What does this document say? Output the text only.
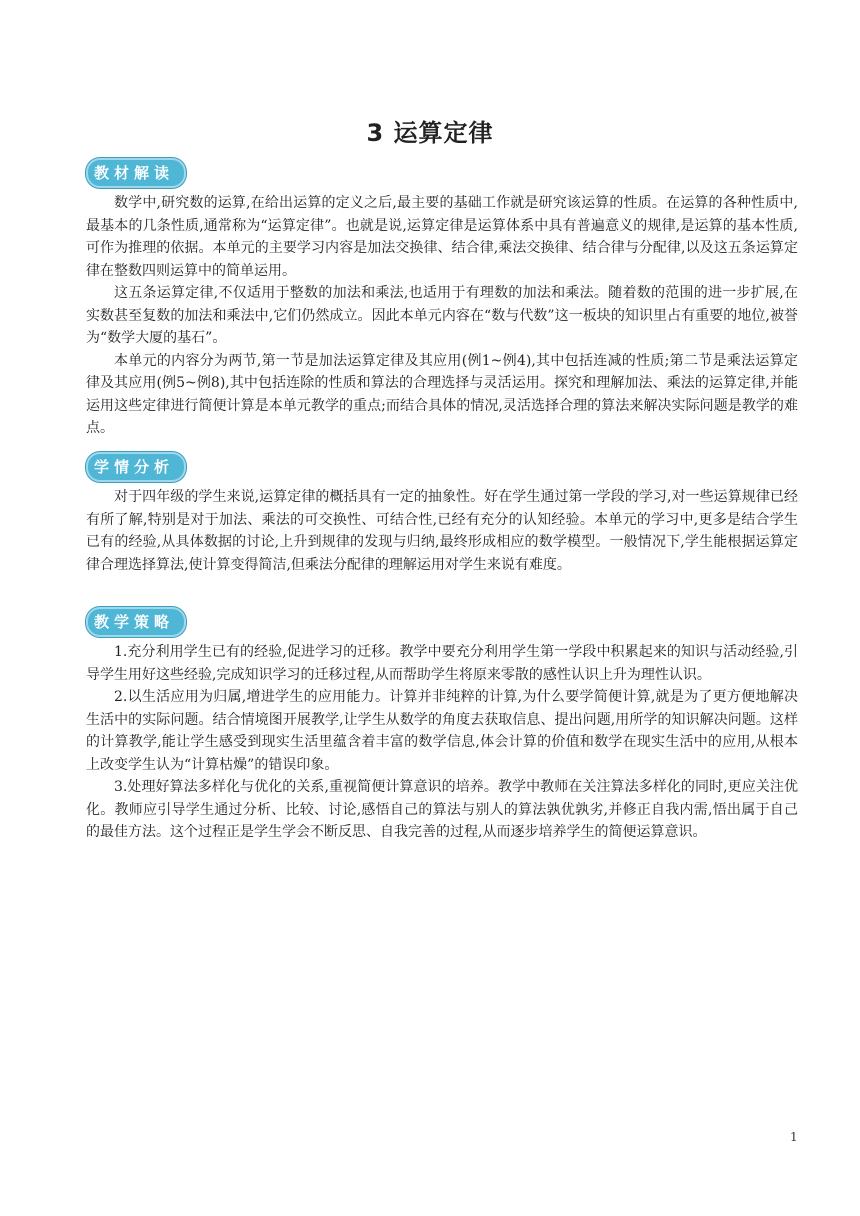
3 运算定律
教材解读

数学中,研究数的运算,在给出运算的定义之后,最主要的基础工作就是研究该运算的性质。在运算的各种性质中,最基本的几条性质,通常称为“运算定律”。也就是说,运算定律是运算体系中具有普遍意义的规律,是运算的基本性质,可作为推理的依据。本单元的主要学习内容是加法交换律、结合律,乘法交换律、结合律与分配律,以及这五条运算定律在整数四则运算中的简单运用。

这五条运算定律,不仅适用于整数的加法和乘法,也适用于有理数的加法和乘法。随着数的范围的进一步扩展,在实数甚至复数的加法和乘法中,它们仍然成立。因此本单元内容在“数与代数”这一板块的知识里占有重要的地位,被誉为“数学大厦的基石”。

本单元的内容分为两节,第一节是加法运算定律及其应用(例1~例4),其中包括连减的性质;第二节是乘法运算定律及其应用(例5~例8),其中包括连除的性质和算法的合理选择与灵活运用。探究和理解加法、乘法的运算定律,并能运用这些定律进行简便计算是本单元教学的重点;而结合具体的情况,灵活选择合理的算法来解决实际问题是教学的难点。

学情分析

对于四年级的学生来说,运算定律的概括具有一定的抽象性。好在学生通过第一学段的学习,对一些运算规律已经有所了解,特别是对于加法、乘法的可交换性、可结合性,已经有充分的认知经验。本单元的学习中,更多是结合学生已有的经验,从具体数据的讨论,上升到规律的发现与归纳,最终形成相应的数学模型。一般情况下,学生能根据运算定律合理选择算法,使计算变得简洁,但乘法分配律的理解运用对学生来说有难度。

教学策略

1.充分利用学生已有的经验,促进学习的迁移。教学中要充分利用学生第一学段中积累起来的知识与活动经验,引导学生用好这些经验,完成知识学习的迁移过程,从而帮助学生将原来零散的感性认识上升为理性认识。

2.以生活应用为归属,增进学生的应用能力。计算并非纯粹的计算,为什么要学简便计算,就是为了更方便地解决生活中的实际问题。结合情境图开展教学,让学生从数学的角度去获取信息、提出问题,用所学的知识解决问题。这样的计算教学,能让学生感受到现实生活里蕴含着丰富的数学信息,体会计算的价值和数学在现实生活中的应用,从根本上改变学生认为“计算枯燥”的错误印象。

3.处理好算法多样化与优化的关系,重视简便计算意识的培养。教学中教师在关注算法多样化的同时,更应关注优化。教师应引导学生通过分析、比较、讨论,感悟自己的算法与别人的算法孰优孰劣,并修正自我内需,悟出属于自己的最佳方法。这个过程正是学生学会不断反思、自我完善的过程,从而逐步培养学生的简便运算意识。

1
